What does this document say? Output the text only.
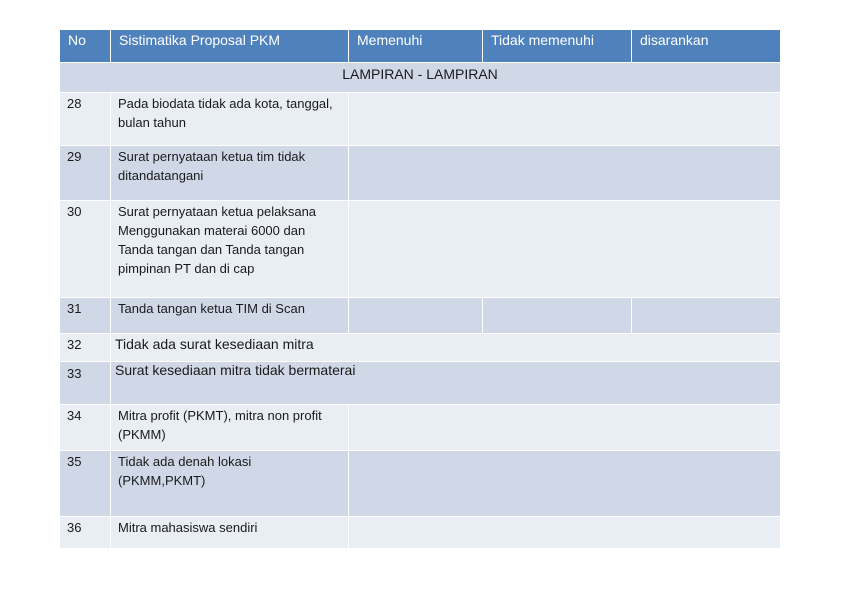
No	Sistimatika Proposal PKM	Memenuhi	Tidak memenuhi	disarankan
LAMPIRAN - LAMPIRAN
28	Pada biodata tidak ada kota, tanggal, bulan tahun
29	Surat pernyataan ketua tim tidak ditandatangani
30	Surat pernyataan ketua pelaksana Menggunakan materai 6000 dan Tanda tangan dan Tanda tangan pimpinan PT dan di cap
31	Tanda tangan ketua TIM di Scan
32	Tidak ada surat kesediaan mitra
33	Surat kesediaan mitra tidak bermaterai
34	Mitra profit (PKMT), mitra non profit (PKMM)
35	Tidak ada denah lokasi (PKMM,PKMT)
36	Mitra mahasiswa sendiri
